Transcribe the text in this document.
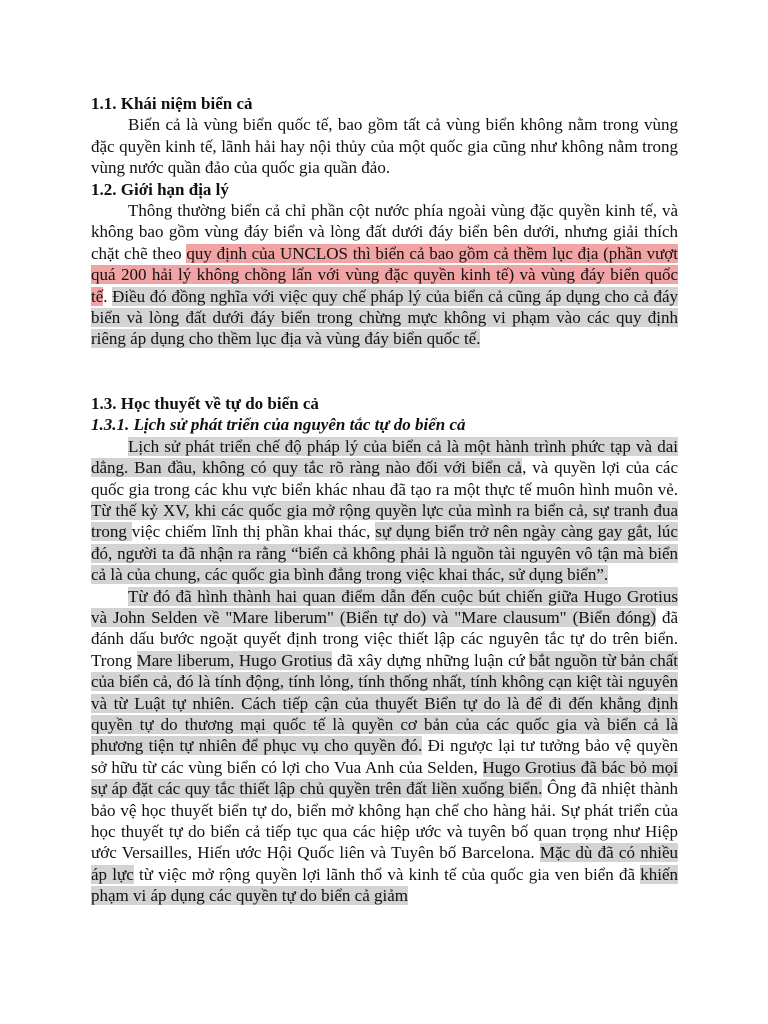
1.1. Khái niệm biển cả

Biển cả là vùng biển quốc tế, bao gồm tất cả vùng biển không nằm trong vùng đặc quyền kinh tế, lãnh hải hay nội thủy của một quốc gia cũng như không nằm trong vùng nước quần đảo của quốc gia quần đảo.

1.2. Giới hạn địa lý

Thông thường biển cả chỉ phần cột nước phía ngoài vùng đặc quyền kinh tế, và không bao gồm vùng đáy biển và lòng đất dưới đáy biển bên dưới, nhưng giải thích chặt chẽ theo quy định của UNCLOS thì biển cả bao gồm cả thềm lục địa (phần vượt quá 200 hải lý không chồng lấn với vùng đặc quyền kinh tế) và vùng đáy biển quốc tế. Điều đó đồng nghĩa với việc quy chế pháp lý của biển cả cũng áp dụng cho cả đáy biển và lòng đất dưới đáy biển trong chừng mực không vi phạm vào các quy định riêng áp dụng cho thềm lục địa và vùng đáy biển quốc tế.

1.3. Học thuyết về tự do biển cả
1.3.1. Lịch sử phát triển của nguyên tắc tự do biển cả

Lịch sử phát triển chế độ pháp lý của biển cả là một hành trình phức tạp và dai dẳng. Ban đầu, không có quy tắc rõ ràng nào đối với biển cả, và quyền lợi của các quốc gia trong các khu vực biển khác nhau đã tạo ra một thực tế muôn hình muôn vẻ. Từ thế kỷ XV, khi các quốc gia mở rộng quyền lực của mình ra biển cả, sự tranh đua trong việc chiếm lĩnh thị phần khai thác, sự dụng biển trở nên ngày càng gay gắt, lúc đó, người ta đã nhận ra rằng “biển cả không phải là nguồn tài nguyên vô tận mà biển cả là của chung, các quốc gia bình đẳng trong việc khai thác, sử dụng biển”.

Từ đó đã hình thành hai quan điểm dẫn đến cuộc bút chiến giữa Hugo Grotius và John Selden về "Mare liberum" (Biển tự do) và "Mare clausum" (Biển đóng) đã đánh dấu bước ngoặt quyết định trong việc thiết lập các nguyên tắc tự do trên biển. Trong Mare liberum, Hugo Grotius đã xây dựng những luận cứ bắt nguồn từ bản chất của biển cả, đó là tính động, tính lỏng, tính thống nhất, tính không cạn kiệt tài nguyên và từ Luật tự nhiên. Cách tiếp cận của thuyết Biển tự do là để đi đến khẳng định quyền tự do thương mại quốc tế là quyền cơ bản của các quốc gia và biển cả là phương tiện tự nhiên để phục vụ cho quyền đó. Đi ngược lại tư tưởng bảo vệ quyền sở hữu từ các vùng biển có lợi cho Vua Anh của Selden, Hugo Grotius đã bác bỏ mọi sự áp đặt các quy tắc thiết lập chủ quyền trên đất liền xuống biển. Ông đã nhiệt thành bảo vệ học thuyết biển tự do, biển mở không hạn chế cho hàng hải. Sự phát triển của học thuyết tự do biển cả tiếp tục qua các hiệp ước và tuyên bố quan trọng như Hiệp ước Versailles, Hiến ước Hội Quốc liên và Tuyên bố Barcelona. Mặc dù đã có nhiều áp lực từ việc mở rộng quyền lợi lãnh thổ và kinh tế của quốc gia ven biển đã khiến phạm vi áp dụng các quyền tự do biển cả giảm
